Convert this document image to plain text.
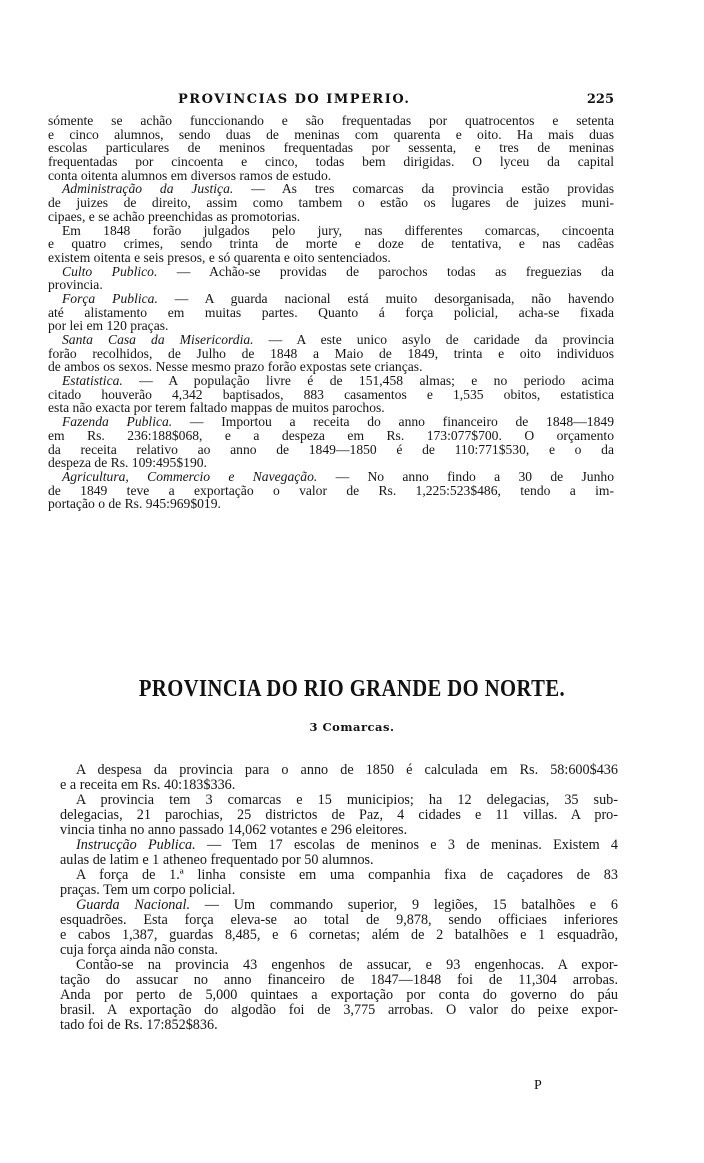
PROVINCIAS DO IMPERIO.	225
sómente se achão funccionando e são frequentadas por quatrocentos e setenta
e cinco alumnos, sendo duas de meninas com quarenta e oito. Ha mais duas
escolas particulares de meninos frequentadas por sessenta, e tres de meninas
frequentadas por cincoenta e cinco, todas bem dirigidas. O lyceu da capital
conta oitenta alumnos em diversos ramos de estudo.
Administração da Justiça. — As tres comarcas da provincia estão providas
de juizes de direito, assim como tambem o estão os lugares de juizes muni-
cipaes, e se achão preenchidas as promotorias.
Em 1848 forão julgados pelo jury, nas differentes comarcas, cincoenta
e quatro crimes, sendo trinta de morte e doze de tentativa, e nas cadêas
existem oitenta e seis presos, e só quarenta e oito sentenciados.
Culto Publico. — Achão-se providas de parochos todas as freguezias da
provincia.
Força Publica. — A guarda nacional está muito desorganisada, não havendo
até alistamento em muitas partes. Quanto á força policial, acha-se fixada
por lei em 120 praças.
Santa Casa da Misericordia. — A este unico asylo de caridade da provincia
forão recolhidos, de Julho de 1848 a Maio de 1849, trinta e oito individuos
de ambos os sexos. Nesse mesmo prazo forão expostas sete crianças.
Estatistica. — A população livre é de 151,458 almas; e no periodo acima
citado houverão 4,342 baptisados, 883 casamentos e 1,535 obitos, estatistica
esta não exacta por terem faltado mappas de muitos parochos.
Fazenda Publica. — Importou a receita do anno financeiro de 1848—1849
em Rs. 236:188$068, e a despeza em Rs. 173:077$700. O orçamento
da receita relativo ao anno de 1849—1850 é de 110:771$530, e o da
despeza de Rs. 109:495$190.
Agricultura, Commercio e Navegação. — No anno findo a 30 de Junho
de 1849 teve a exportação o valor de Rs. 1,225:523$486, tendo a im-
portação o de Rs. 945:969$019.
PROVINCIA DO RIO GRANDE DO NORTE.
3 Comarcas.
A despesa da provincia para o anno de 1850 é calculada em Rs. 58:600$436
e a receita em Rs. 40:183$336.
A provincia tem 3 comarcas e 15 municipios; ha 12 delegacias, 35 sub-
delegacias, 21 parochias, 25 districtos de Paz, 4 cidades e 11 villas. A pro-
vincia tinha no anno passado 14,062 votantes e 296 eleitores.
Instrucção Publica. — Tem 17 escolas de meninos e 3 de meninas. Existem 4
aulas de latim e 1 atheneo frequentado por 50 alumnos.
A força de 1.ª linha consiste em uma companhia fixa de caçadores de 83
praças. Tem um corpo policial.
Guarda Nacional. — Um commando superior, 9 legiões, 15 batalhões e 6
esquadrões. Esta força eleva-se ao total de 9,878, sendo officiaes inferiores
e cabos 1,387, guardas 8,485, e 6 cornetas; além de 2 batalhões e 1 esquadrão,
cuja força ainda não consta.
Contão-se na provincia 43 engenhos de assucar, e 93 engenhocas. A expor-
tação do assucar no anno financeiro de 1847—1848 foi de 11,304 arrobas.
Anda por perto de 5,000 quintaes a exportação por conta do governo do páu
brasil. A exportação do algodão foi de 3,775 arrobas. O valor do peixe expor-
tado foi de Rs. 17:852$836.
P
